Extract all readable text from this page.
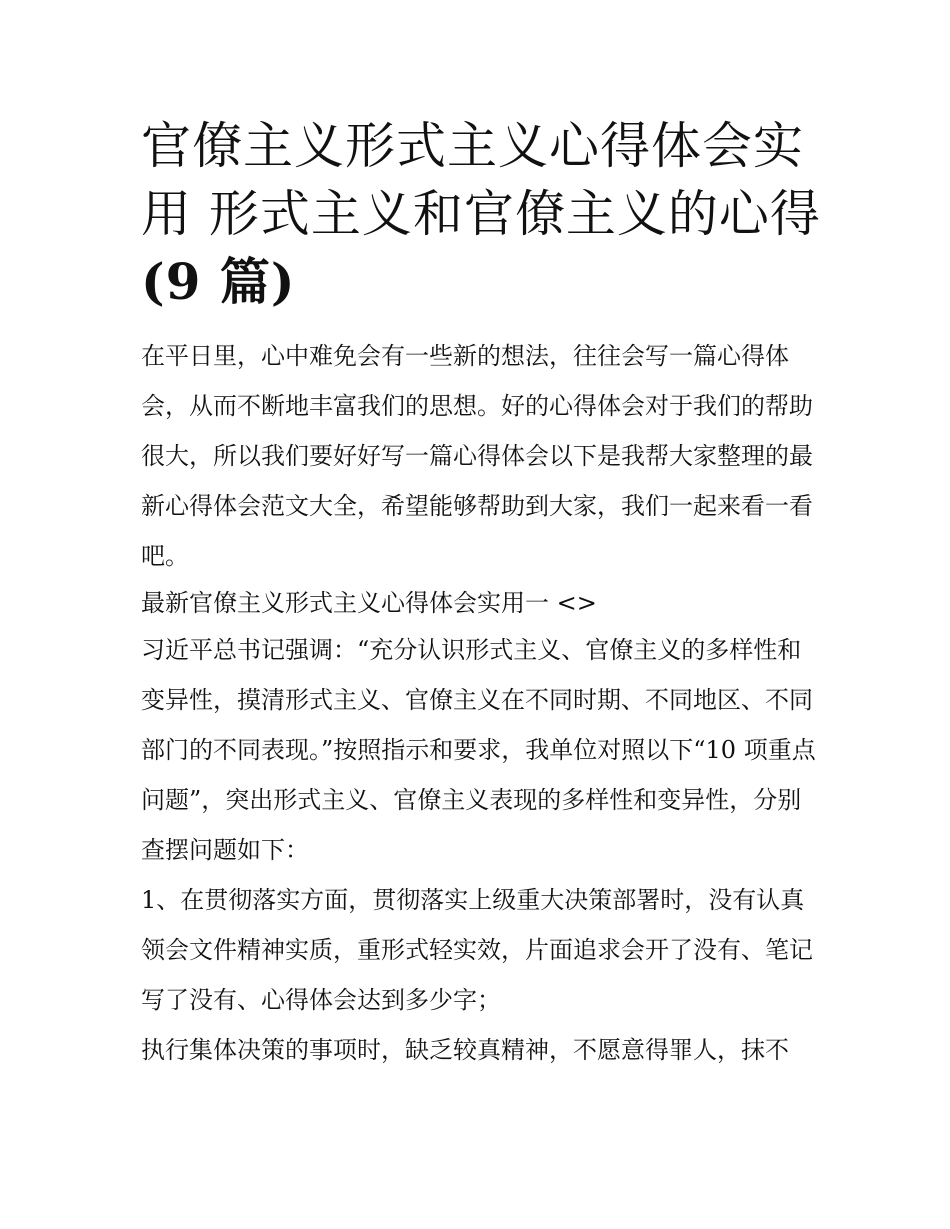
官僚主义形式主义心得体会实用 形式主义和官僚主义的心得
(9 篇)

在平日里，心中难免会有一些新的想法，往往会写一篇心得体会，从而不断地丰富我们的思想。好的心得体会对于我们的帮助很大，所以我们要好好写一篇心得体会以下是我帮大家整理的最新心得体会范文大全，希望能够帮助到大家，我们一起来看一看吧。

最新官僚主义形式主义心得体会实用一 <>

习近平总书记强调：“充分认识形式主义、官僚主义的多样性和变异性，摸清形式主义、官僚主义在不同时期、不同地区、不同部门的不同表现。”按照指示和要求，我单位对照以下“10 项重点问题”，突出形式主义、官僚主义表现的多样性和变异性，分别查摆问题如下：

1、在贯彻落实方面，贯彻落实上级重大决策部署时，没有认真领会文件精神实质，重形式轻实效，片面追求会开了没有、笔记写了没有、心得体会达到多少字；

执行集体决策的事项时，缺乏较真精神，不愿意得罪人，抹不
